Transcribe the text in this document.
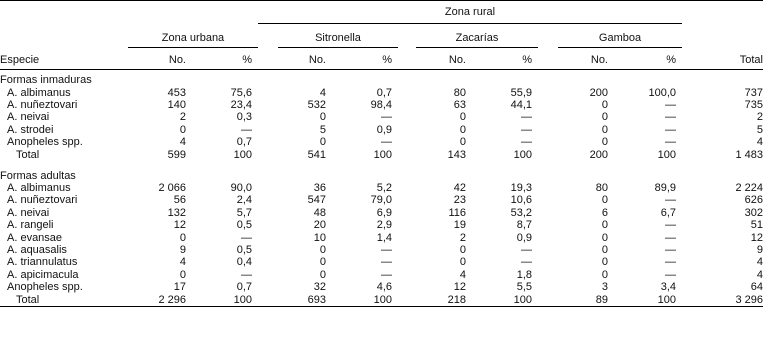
			Zona rural									
	Zona urbana			Sitronella			Zacarías			Gamboa		
Especie	No.	%		No.	%		No.	%		No.	%	Total
Formas inmaduras												
A. albimanus	453	75,6		4	0,7		80	55,9		200	100,0	737
A. nuñeztovari	140	23,4		532	98,4		63	44,1		0	—	735
A. neivai	2	0,3		0	—		0	—		0	—	2
A. strodei	0	—		5	0,9		0	—		0	—	5
Anopheles spp.	4	0,7		0	—		0	—		0	—	4
Total	599	100		541	100		143	100		200	100	1 483
Formas adultas												
A. albimanus	2 066	90,0		36	5,2		42	19,3		80	89,9	2 224
A. nuñeztovari	56	2,4		547	79,0		23	10,6		0	—	626
A. neivai	132	5,7		48	6,9		116	53,2		6	6,7	302
A. rangeli	12	0,5		20	2,9		19	8,7		0	—	51
A. evansae	0	—		10	1,4		2	0,9		0	—	12
A. aquasalis	9	0,5		0	—		0	—		0	—	9
A. triannulatus	4	0,4		0	—		0	—		0	—	4
A. apicimacula	0	—		0	—		4	1,8		0	—	4
Anopheles spp.	17	0,7		32	4,6		12	5,5		3	3,4	64
Total	2 296	100		693	100		218	100		89	100	3 296
